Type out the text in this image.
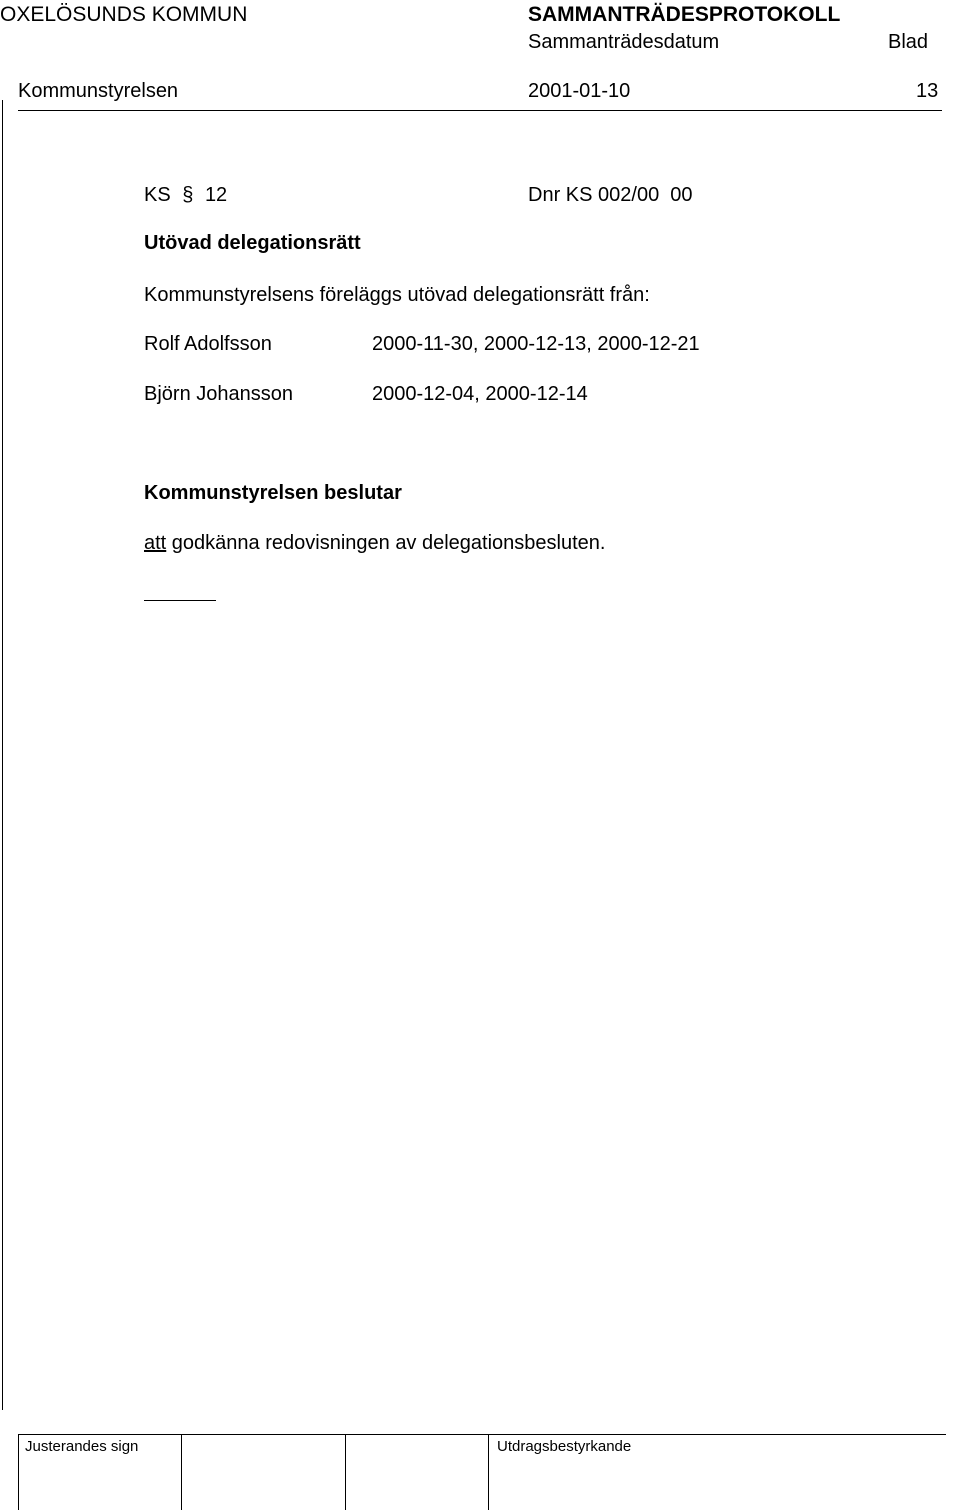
OXELÖSUNDS KOMMUN	SAMMANTRÄDESPROTOKOLL
Sammanträdesdatum	Blad
Kommunstyrelsen	2001-01-10	13
KS § 12	Dnr KS 002/00  00
Utövad delegationsrätt
Kommunstyrelsens föreläggs utövad delegationsrätt från:
Rolf Adolfsson	2000-11-30, 2000-12-13, 2000-12-21
Björn Johansson	2000-12-04, 2000-12-14
Kommunstyrelsen beslutar
att godkänna redovisningen av delegationsbesluten.
Justerandes sign	Utdragsbestyrkande
